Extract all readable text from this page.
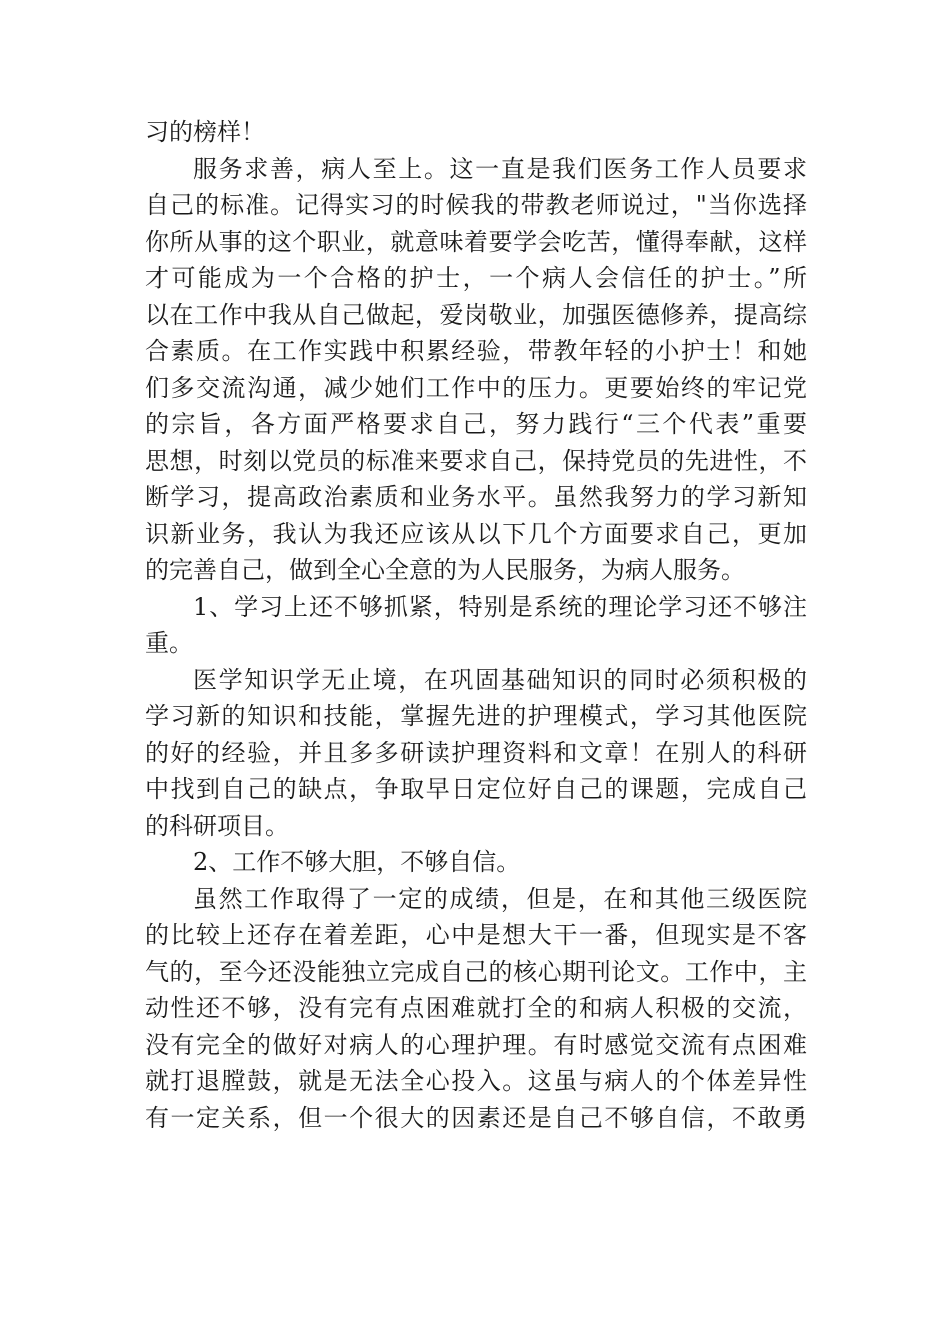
习的榜样！
服务求善，病人至上。这一直是我们医务工作人员要求
自己的标准。记得实习的时候我的带教老师说过，"当你选择
你所从事的这个职业，就意味着要学会吃苦，懂得奉献，这样
才可能成为一个合格的护士，一个病人会信任的护士。”所
以在工作中我从自己做起，爱岗敬业，加强医德修养，提高综
合素质。在工作实践中积累经验，带教年轻的小护士！和她
们多交流沟通，减少她们工作中的压力。更要始终的牢记党
的宗旨，各方面严格要求自己，努力践行“三个代表”重要
思想，时刻以党员的标准来要求自己，保持党员的先进性，不
断学习，提高政治素质和业务水平。虽然我努力的学习新知
识新业务，我认为我还应该从以下几个方面要求自己，更加
的完善自己，做到全心全意的为人民服务，为病人服务。
1、学习上还不够抓紧，特别是系统的理论学习还不够注
重。
医学知识学无止境，在巩固基础知识的同时必须积极的
学习新的知识和技能，掌握先进的护理模式，学习其他医院
的好的经验，并且多多研读护理资料和文章！在别人的科研
中找到自己的缺点，争取早日定位好自己的课题，完成自己
的科研项目。
2、工作不够大胆，不够自信。
虽然工作取得了一定的成绩，但是，在和其他三级医院
的比较上还存在着差距，心中是想大干一番，但现实是不客
气的，至今还没能独立完成自己的核心期刊论文。工作中，主
动性还不够，没有完有点困难就打全的和病人积极的交流，
没有完全的做好对病人的心理护理。有时感觉交流有点困难
就打退膛鼓，就是无法全心投入。这虽与病人的个体差异性
有一定关系，但一个很大的因素还是自己不够自信，不敢勇
